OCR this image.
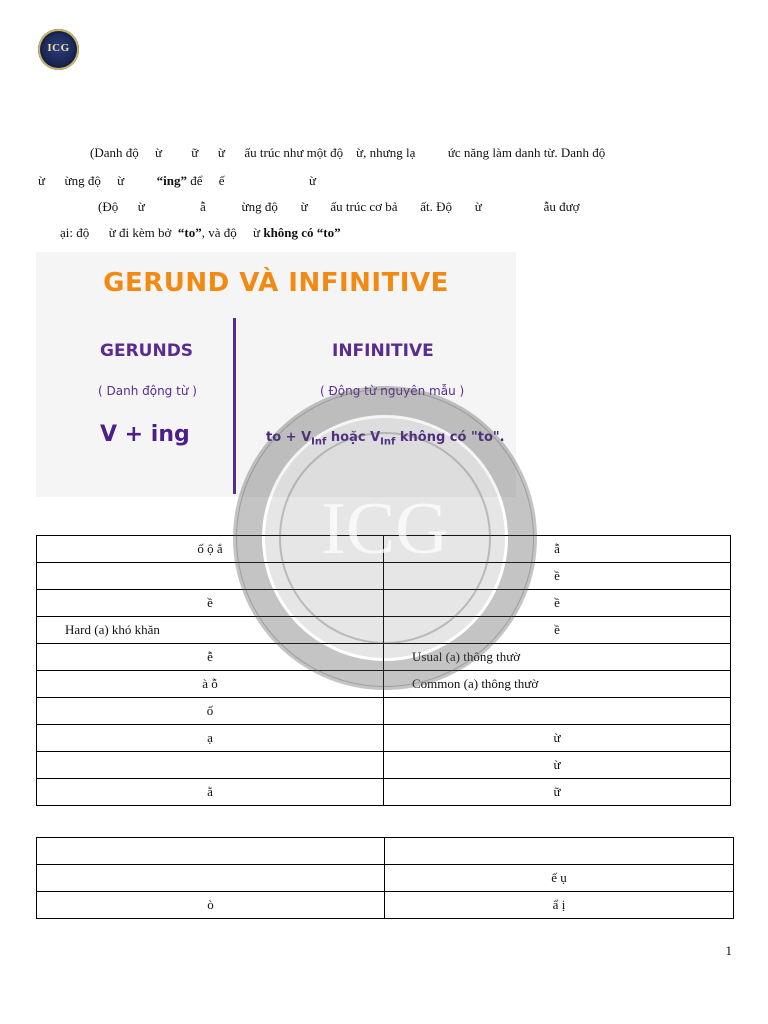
ICG
(Danh độ     ừ         ữ      ừ      ấu trúc như một độ    ừ, nhưng lạ          ức năng làm danh từ. Danh độ
ừ      ừng độ     ừ          “ing” để     ế                          ừ
(Độ      ừ                 ẫ           ừng độ       ừ       ấu trúc cơ bả       ất. Độ       ừ                   ẫu đượ
ại: độ      ừ đi kèm bở  “to”, và độ     ừ không có “to”
GERUND VÀ INFINITIVE
GERUNDS
( Danh động từ )
V + ing
INFINITIVE
( Động từ nguyên mẫu )
to + $V_{Inf}$ hoặc $V_{Inf}$ không có "to".
ố ộ ắ	ẫ
	ề
ề	ề
Hard (a) khó khăn	ề
ễ	Usual (a) thông thườ
à ỗ	Common (a) thông thườ
ố	
ạ	ừ
	ừ
ằ	ữ

	ế ụ
ò	ẩ ị
ICG
1
